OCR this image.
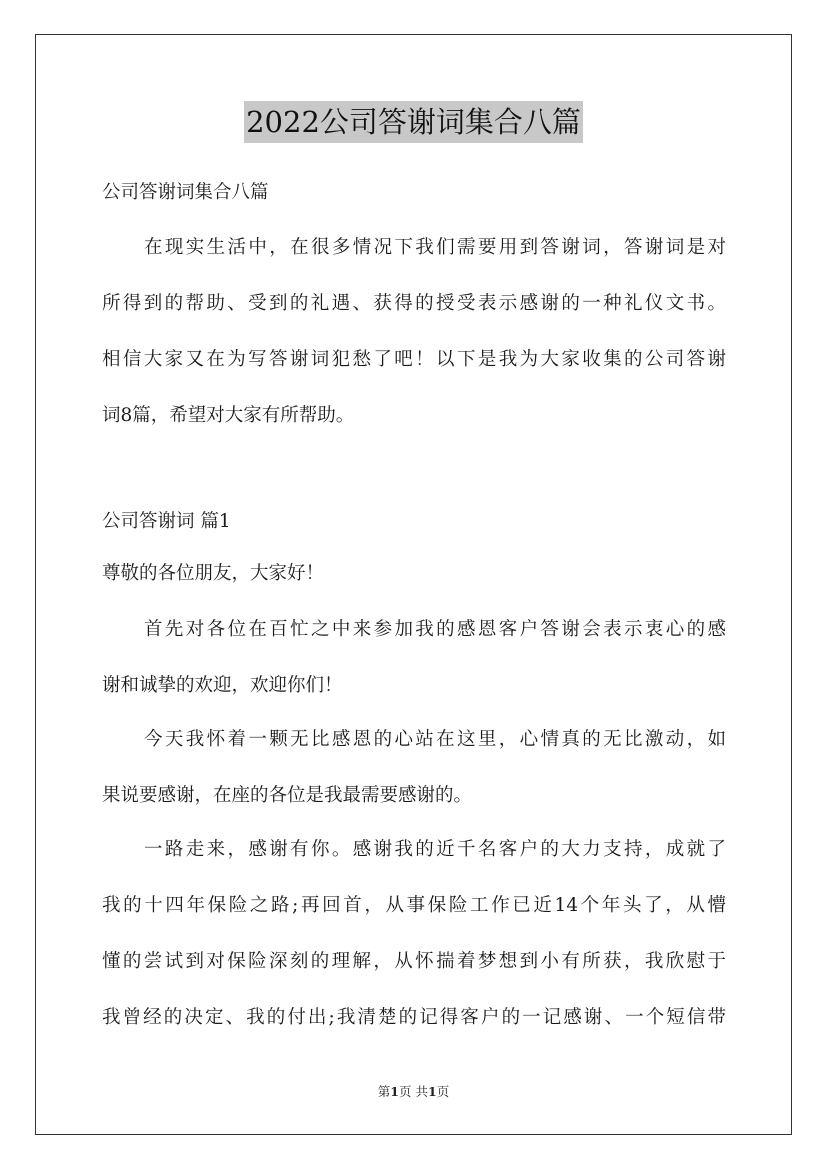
2022公司答谢词集合八篇
公司答谢词集合八篇
在现实生活中，在很多情况下我们需要用到答谢词，答谢词是对
所得到的帮助、受到的礼遇、获得的授受表示感谢的一种礼仪文书。
相信大家又在为写答谢词犯愁了吧！以下是我为大家收集的公司答谢
词8篇，希望对大家有所帮助。
公司答谢词 篇1
尊敬的各位朋友，大家好！
首先对各位在百忙之中来参加我的感恩客户答谢会表示衷心的感
谢和诚挚的欢迎，欢迎你们！
今天我怀着一颗无比感恩的心站在这里，心情真的无比激动，如
果说要感谢，在座的各位是我最需要感谢的。
一路走来，感谢有你。感谢我的近千名客户的大力支持，成就了
我的十四年保险之路;再回首，从事保险工作已近14个年头了，从懵
懂的尝试到对保险深刻的理解，从怀揣着梦想到小有所获，我欣慰于
我曾经的决定、我的付出;我清楚的记得客户的一记感谢、一个短信带
第1页 共1页
